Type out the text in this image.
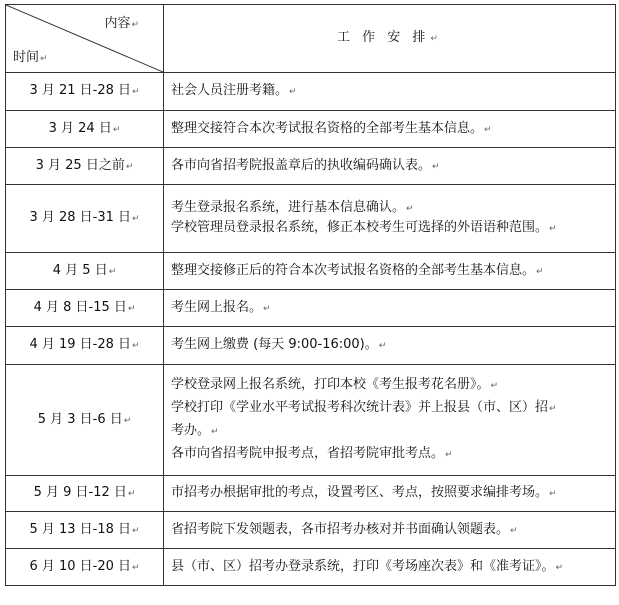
内容↵
时间↵	工 作 安 排↵
3 月 21 日-28 日↵	社会人员注册考籍。↵

3 月 24 日↵	整理交接符合本次考试报名资格的全部考生基本信息。↵

3 月 25 日之前↵	各市向省招考院报盖章后的执收编码确认表。↵

3 月 28 日-31 日↵	考生登录报名系统，进行基本信息确认。↵
学校管理员登录报名系统，修正本校考生可选择的外语语种范围。↵

4 月 5 日↵	整理交接修正后的符合本次考试报名资格的全部考生基本信息。↵

4 月 8 日-15 日↵	考生网上报名。↵

4 月 19 日-28 日↵	考生网上缴费 (每天 9:00-16:00)。↵

5 月 3 日-6 日↵	学校登录网上报名系统，打印本校《考生报考花名册》。↵
学校打印《学业水平考试报考科次统计表》并上报县（市、区）招↵
考办。↵
各市向省招考院申报考点，省招考院审批考点。↵

5 月 9 日-12 日↵	市招考办根据审批的考点，设置考区、考点，按照要求编排考场。↵

5 月 13 日-18 日↵	省招考院下发领题表，各市招考办核对并书面确认领题表。↵

6 月 10 日-20 日↵	县（市、区）招考办登录系统，打印《考场座次表》和《准考证》。↵
